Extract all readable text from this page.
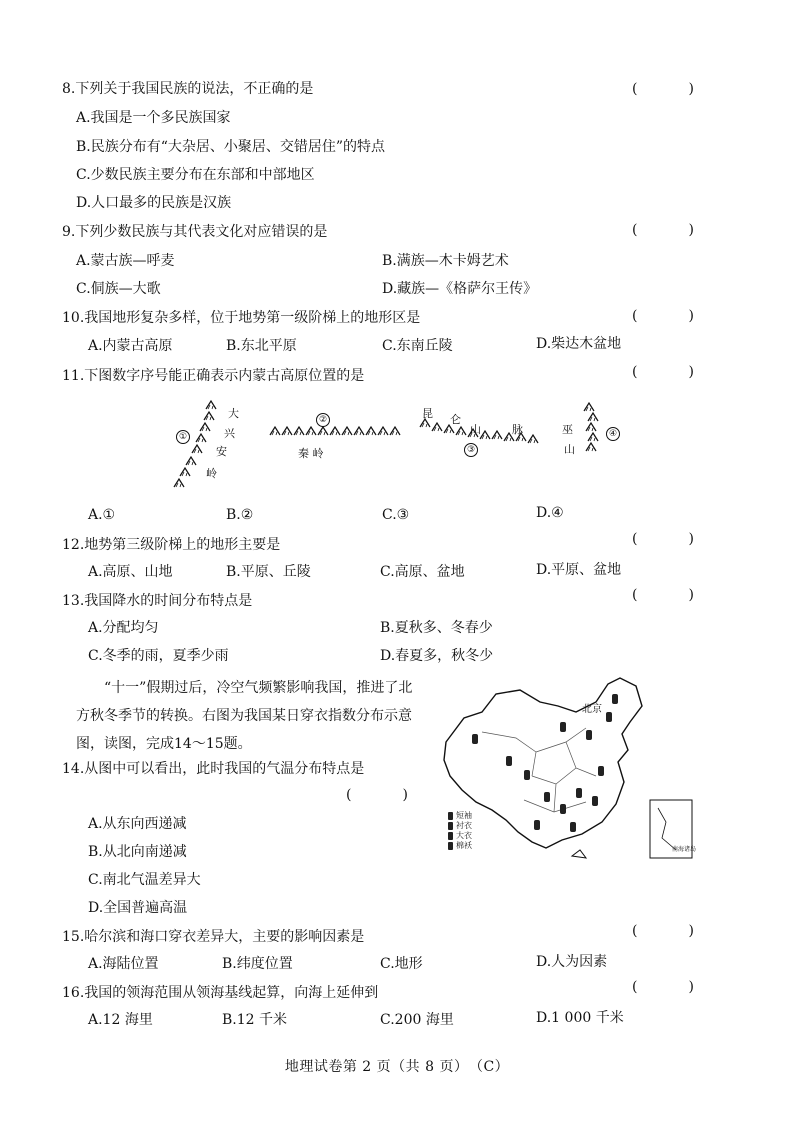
8.下列关于我国民族的说法，不正确的是	(	)
A.我国是一个多民族国家
B.民族分布有“大杂居、小聚居、交错居住”的特点
C.少数民族主要分布在东部和中部地区
D.人口最多的民族是汉族
9.下列少数民族与其代表文化对应错误的是	(	)
A.蒙古族—呼麦	B.满族—木卡姆艺术
C.侗族—大歌	D.藏族—《格萨尔王传》
10.我国地形复杂多样，位于地势第一级阶梯上的地形区是	(	)
A.内蒙古高原	B.东北平原	C.东南丘陵	D.柴达木盆地
11.下图数字序号能正确表示内蒙古高原位置的是	(	)
①
大
兴
安
岭
②
秦 岭
昆 仑
山	脉
③
巫
山
④
A.①	B.②	C.③	D.④
12.地势第三级阶梯上的地形主要是	(	)
A.高原、山地	B.平原、丘陵	C.高原、盆地	D.平原、盆地
13.我国降水的时间分布特点是	(	)
A.分配均匀	B.夏秋多、冬春少
C.冬季的雨，夏季少雨	D.春夏多，秋冬少
“十一”假期过后，冷空气频繁影响我国，推进了北方秋冬季节的转换。右图为我国某日穿衣指数分布示意图，读图，完成14～15题。
北京
短袖
衬衣
大衣
棉袄	南海诸岛
14.从图中可以看出，此时我国的气温分布特点是
(	)
A.从东向西递减
B.从北向南递减
C.南北气温差异大
D.全国普遍高温
15.哈尔滨和海口穿衣差异大，主要的影响因素是	(	)
A.海陆位置	B.纬度位置	C.地形	D.人为因素
16.我国的领海范围从领海基线起算，向海上延伸到	(	)
A.12 海里	B.12 千米	C.200 海里	D.1 000 千米
地理试卷第 2 页（共 8 页）　（C）
